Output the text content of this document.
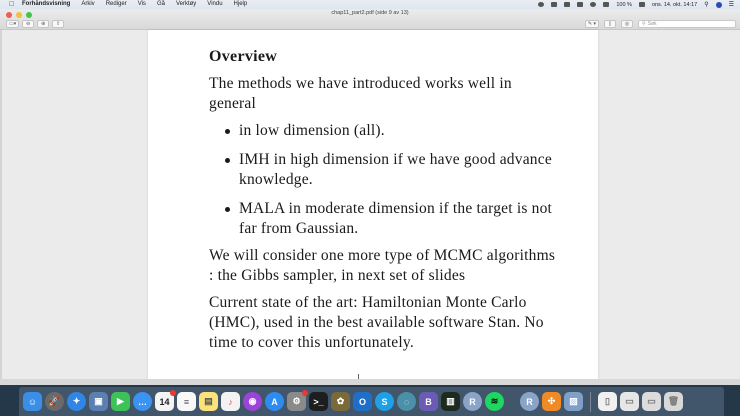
Forhåndsvisning Arkiv Rediger Vis Gå Verktøy Vindu Hjelp	100 %	ons. 14. okt. 14:17 ⚲	☰
chap11_part2.pdf (side 9 av 13)
▭▾	⊖	⊕	⇧	✎ ▾	▯	◎	⚲ Søk
Overview

The methods we have introduced works well in general

in low dimension (all).
IMH in high dimension if we have good advance knowledge.
MALA in moderate dimension if the target is not far from Gaussian.

We will consider one more type of MCMC algorithms : the Gibbs sampler, in next set of slides

Current state of the art: Hamiltonian Monte Carlo (HMC), used in the best available software Stan. No time to cover this unfortunately.

☺ 🚀 ✦ ▣ ▶ … 14 ≡ ▤ ♪ ◉ A ⚙ >_ ✿ O S ◌ B ▥ R ≋	R ✣ ▨	▯ ▭ ▭ 🗑
